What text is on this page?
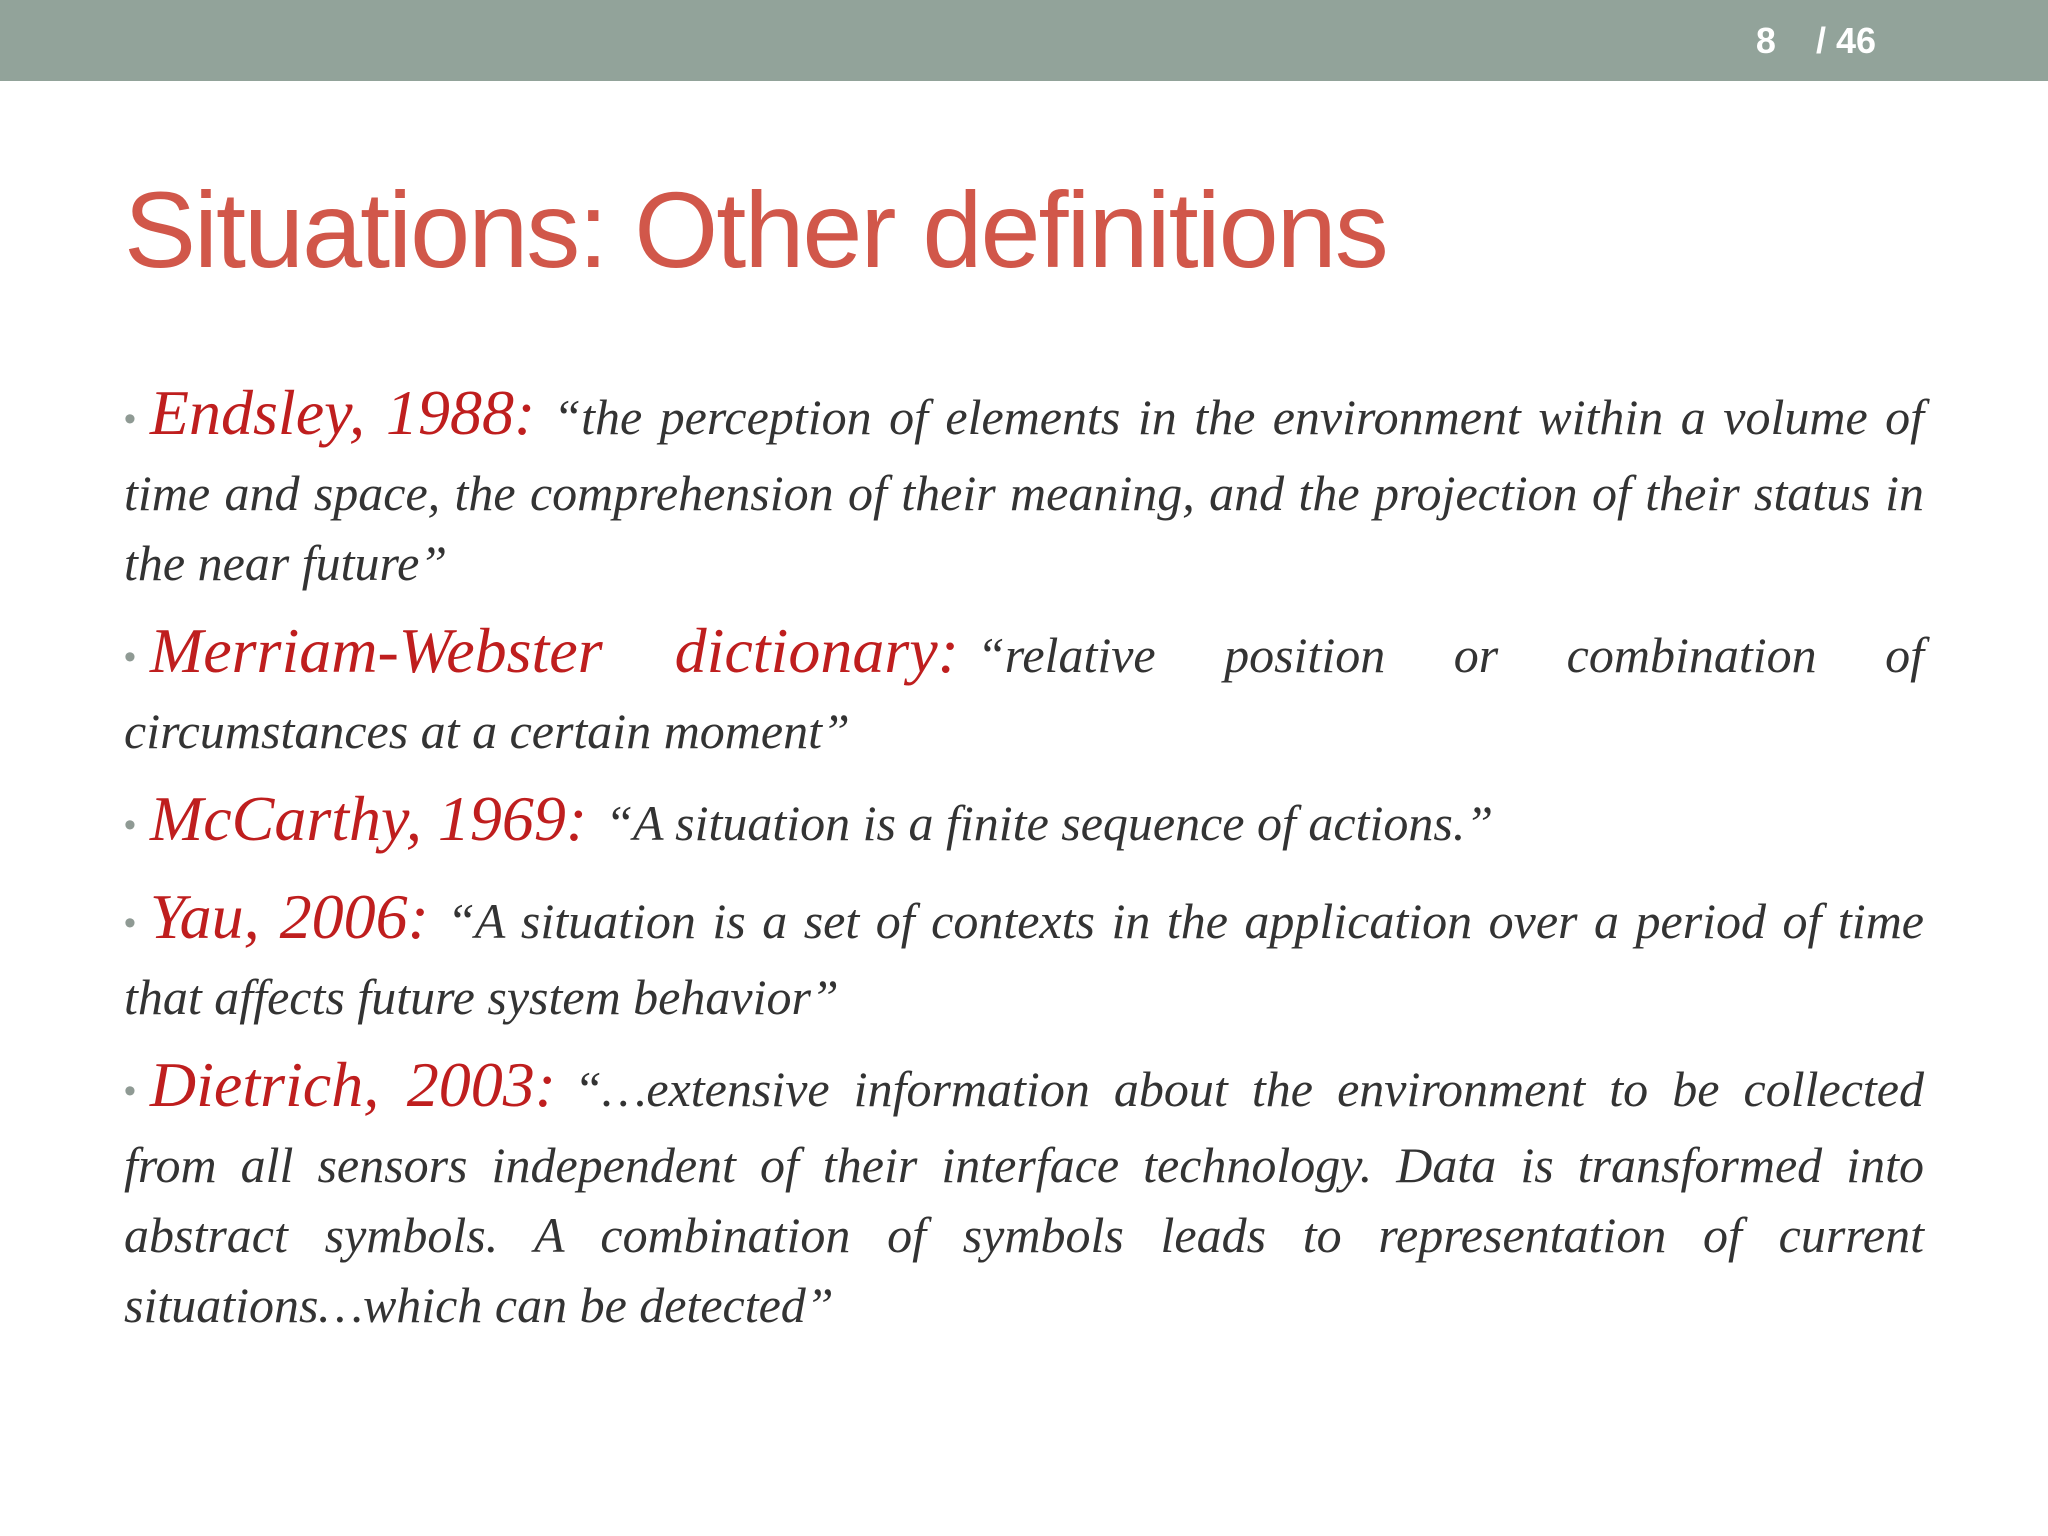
8 / 46
Situations: Other definitions
• Endsley, 1988: “the perception of elements in the environment within a volume of time and space, the comprehension of their meaning, and the projection of their status in the near future”
• Merriam-Webster dictionary: “relative position or combination of circumstances at a certain moment”
• McCarthy, 1969: “A situation is a finite sequence of actions.”
• Yau, 2006: “A situation is a set of contexts in the application over a period of time that affects future system behavior”
• Dietrich, 2003: “…extensive information about the environment to be collected from all sensors independent of their interface technology. Data is transformed into abstract symbols. A combination of symbols leads to representation of current situations…which can be detected”
